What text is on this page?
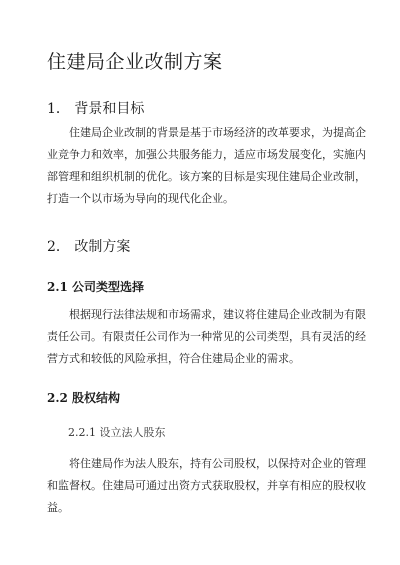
住建局企业改制方案
1． 背景和目标
住建局企业改制的背景是基于市场经济的改革要求，为提高企
业竞争力和效率，加强公共服务能力，适应市场发展变化，实施内
部管理和组织机制的优化。该方案的目标是实现住建局企业改制，
打造一个以市场为导向的现代化企业。
2． 改制方案
2.1 公司类型选择
根据现行法律法规和市场需求，建议将住建局企业改制为有限
责任公司。有限责任公司作为一种常见的公司类型，具有灵活的经
营方式和较低的风险承担，符合住建局企业的需求。
2.2 股权结构
2.2.1 设立法人股东
将住建局作为法人股东，持有公司股权，以保持对企业的管理
和监督权。住建局可通过出资方式获取股权，并享有相应的股权收
益。
